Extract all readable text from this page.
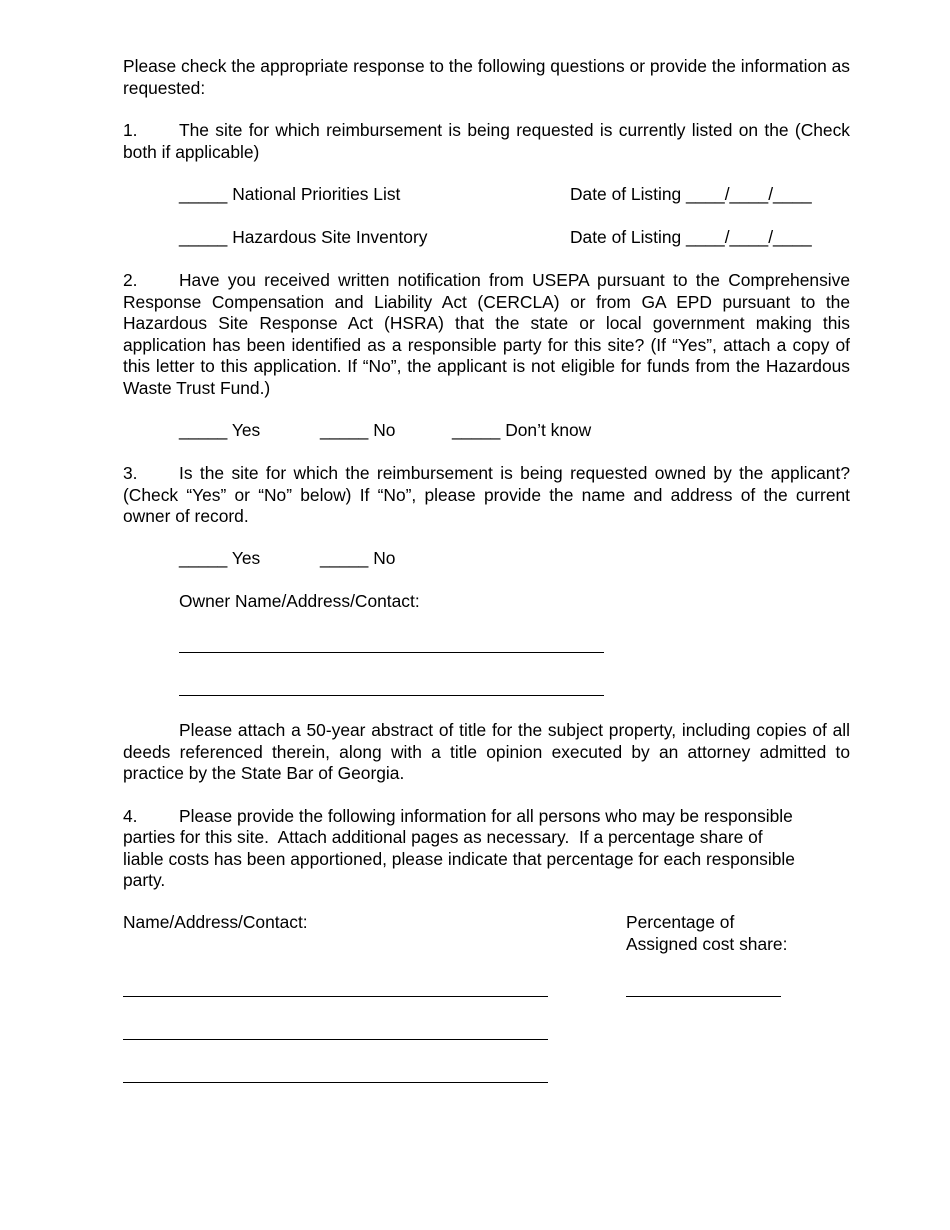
Please check the appropriate response to the following questions or provide the information as requested:

1. The site for which reimbursement is being requested is currently listed on the (Check both if applicable)

_____ National Priorities List	Date of Listing ____/____/____
_____ Hazardous Site Inventory	Date of Listing ____/____/____

2. Have you received written notification from USEPA pursuant to the Comprehensive Response Compensation and Liability Act (CERCLA) or from GA EPD pursuant to the Hazardous Site Response Act (HSRA) that the state or local government making this application has been identified as a responsible party for this site? (If “Yes”, attach a copy of this letter to this application. If “No”, the applicant is not eligible for funds from the Hazardous Waste Trust Fund.)

_____ Yes	_____ No	_____ Don’t know

3. Is the site for which the reimbursement is being requested owned by the applicant? (Check “Yes” or “No” below) If “No”, please provide the name and address of the current owner of record.

_____ Yes	_____ No
Owner Name/Address/Contact:

Please attach a 50-year abstract of title for the subject property, including copies of all deeds referenced therein, along with a title opinion executed by an attorney admitted to practice by the State Bar of Georgia.

4. Please provide the following information for all persons who may be responsible
parties for this site.  Attach additional pages as necessary.  If a percentage share of
liable costs has been apportioned, please indicate that percentage for each responsible
party.
Name/Address/Contact:	Percentage of
Assigned cost share:
